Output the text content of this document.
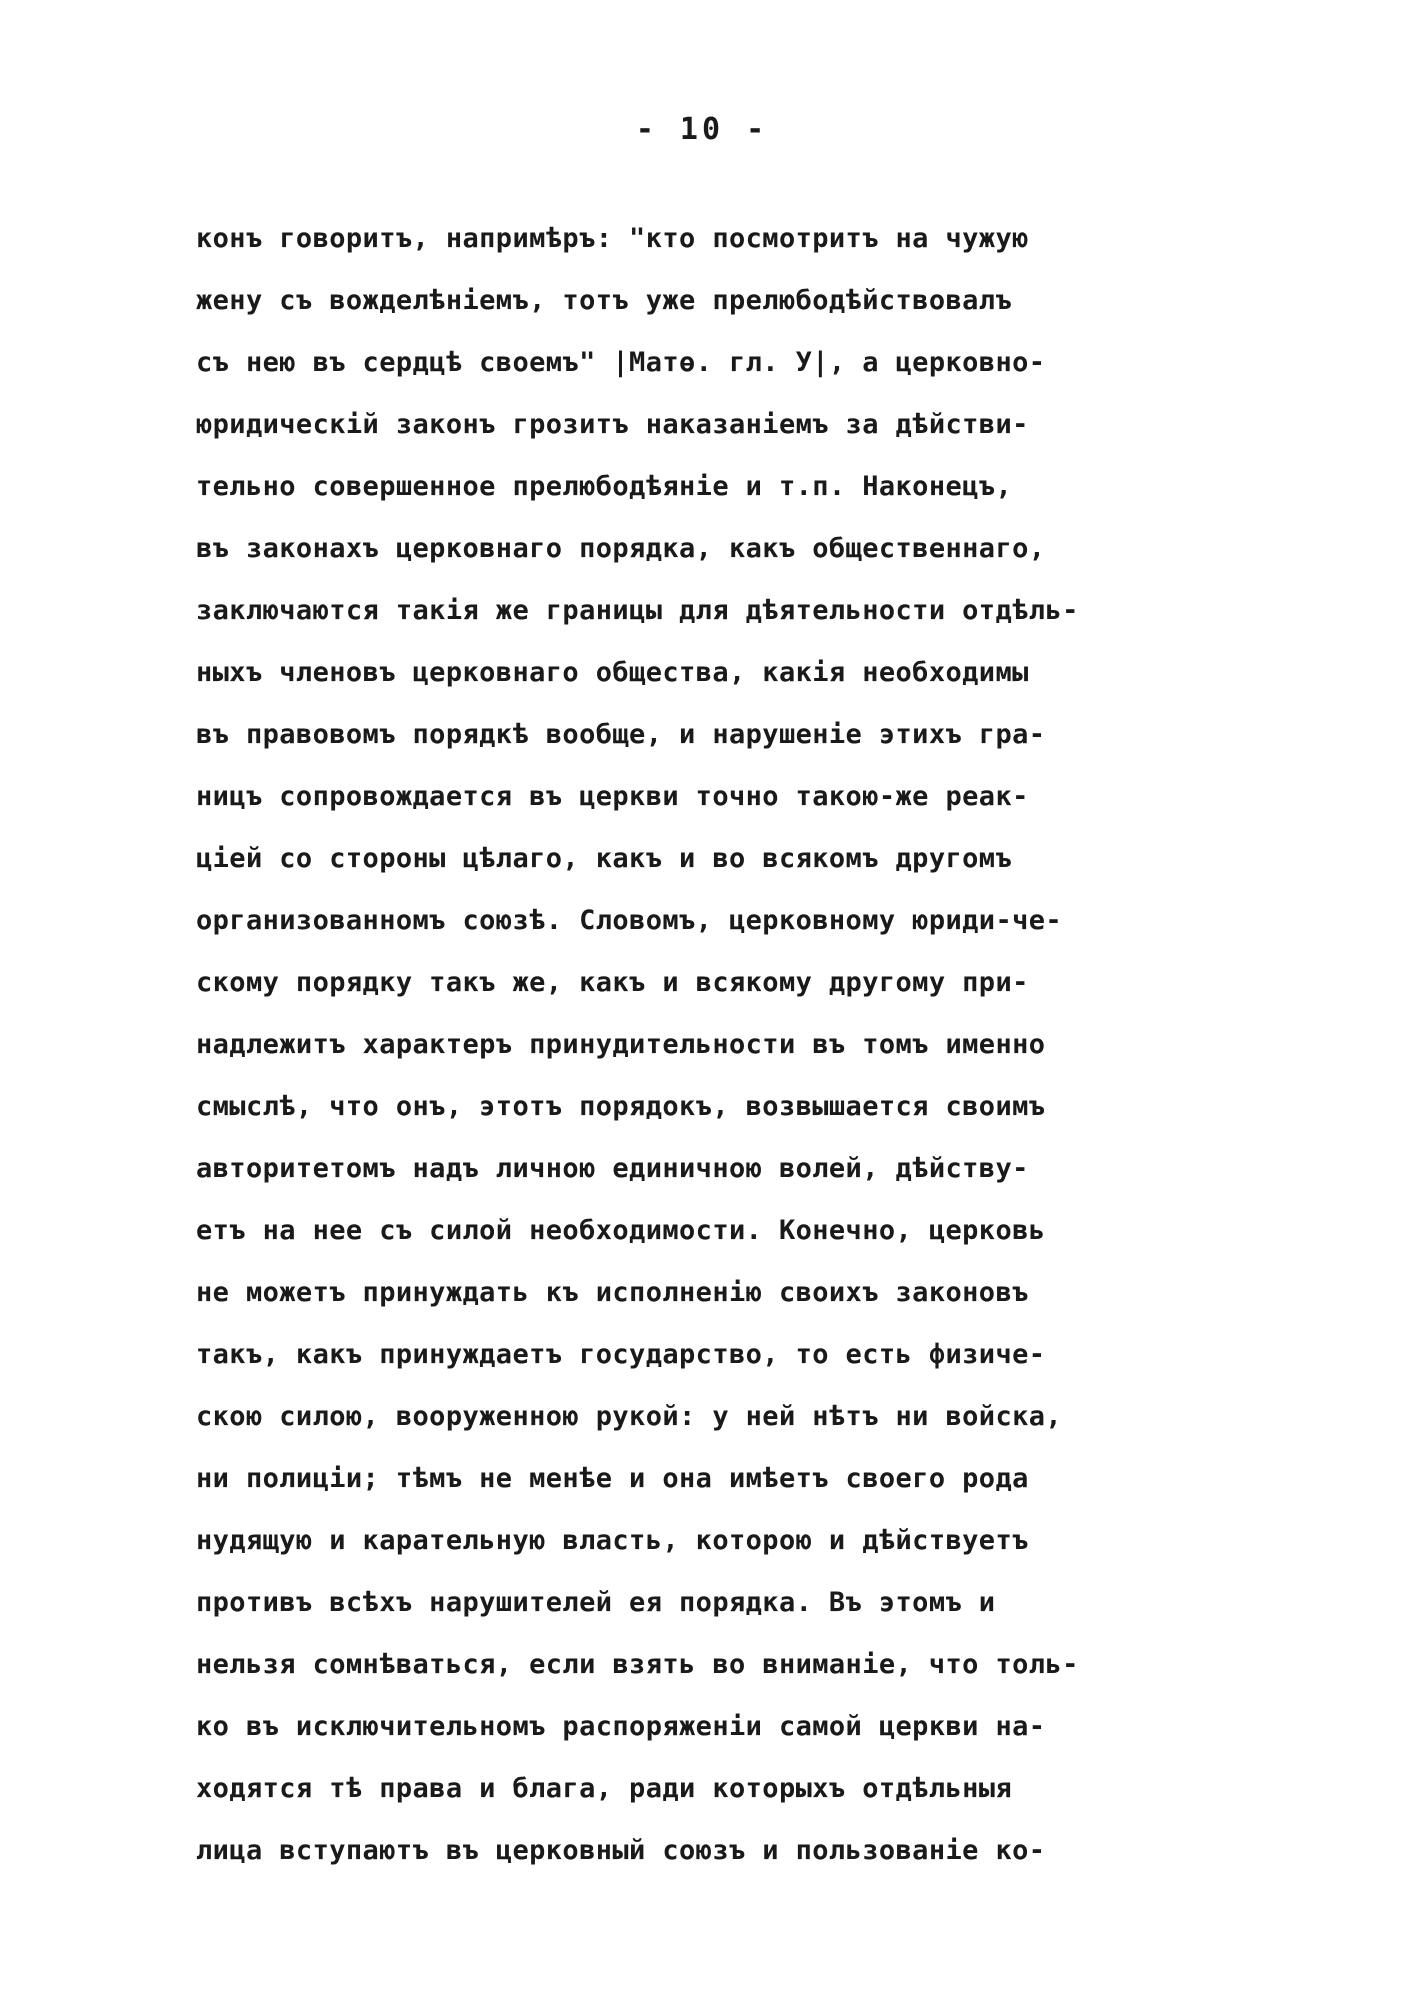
- 10 -
конъ говоритъ, напримѣръ: "кто посмотритъ на чужую
жену съ вожделѣніемъ, тотъ уже прелюбодѣйствовалъ
съ нею въ сердцѣ своемъ" |Матѳ. гл. У|, а церковно-
юридическій законъ грозитъ наказаніемъ за дѣйстви-
тельно совершенное прелюбодѣяніе и т.п. Наконецъ,
въ законахъ церковнаго порядка, какъ общественнаго,
заключаются такія же границы для дѣятельности отдѣль-
ныхъ членовъ церковнаго общества, какія необходимы
въ правовомъ порядкѣ вообще, и нарушеніе этихъ гра-
ницъ сопровождается въ церкви точно такою-же реак-
ціей со стороны цѣлаго, какъ и во всякомъ другомъ
организованномъ союзѣ. Словомъ, церковному юриди-че-
скому порядку такъ же, какъ и всякому другому при-
надлежитъ характеръ принудительности въ томъ именно
смыслѣ, что онъ, этотъ порядокъ, возвышается своимъ
авторитетомъ надъ личною единичною волей, дѣйству-
етъ на нее съ силой необходимости. Конечно, церковь
не можетъ принуждать къ исполненію своихъ законовъ
такъ, какъ принуждаетъ государство, то есть физиче-
скою силою, вооруженною рукой: у ней нѣтъ ни войска,
ни полиціи; тѣмъ не менѣе и она имѣетъ своего рода
нудящую и карательную власть, которою и дѣйствуетъ
противъ всѣхъ нарушителей ея порядка. Въ этомъ и
нельзя сомнѣваться, если взять во вниманіе, что толь-
ко въ исключительномъ распоряженіи самой церкви на-
ходятся тѣ права и блага, ради которыхъ отдѣльныя
лица вступаютъ въ церковный союзъ и пользованіе ко-
